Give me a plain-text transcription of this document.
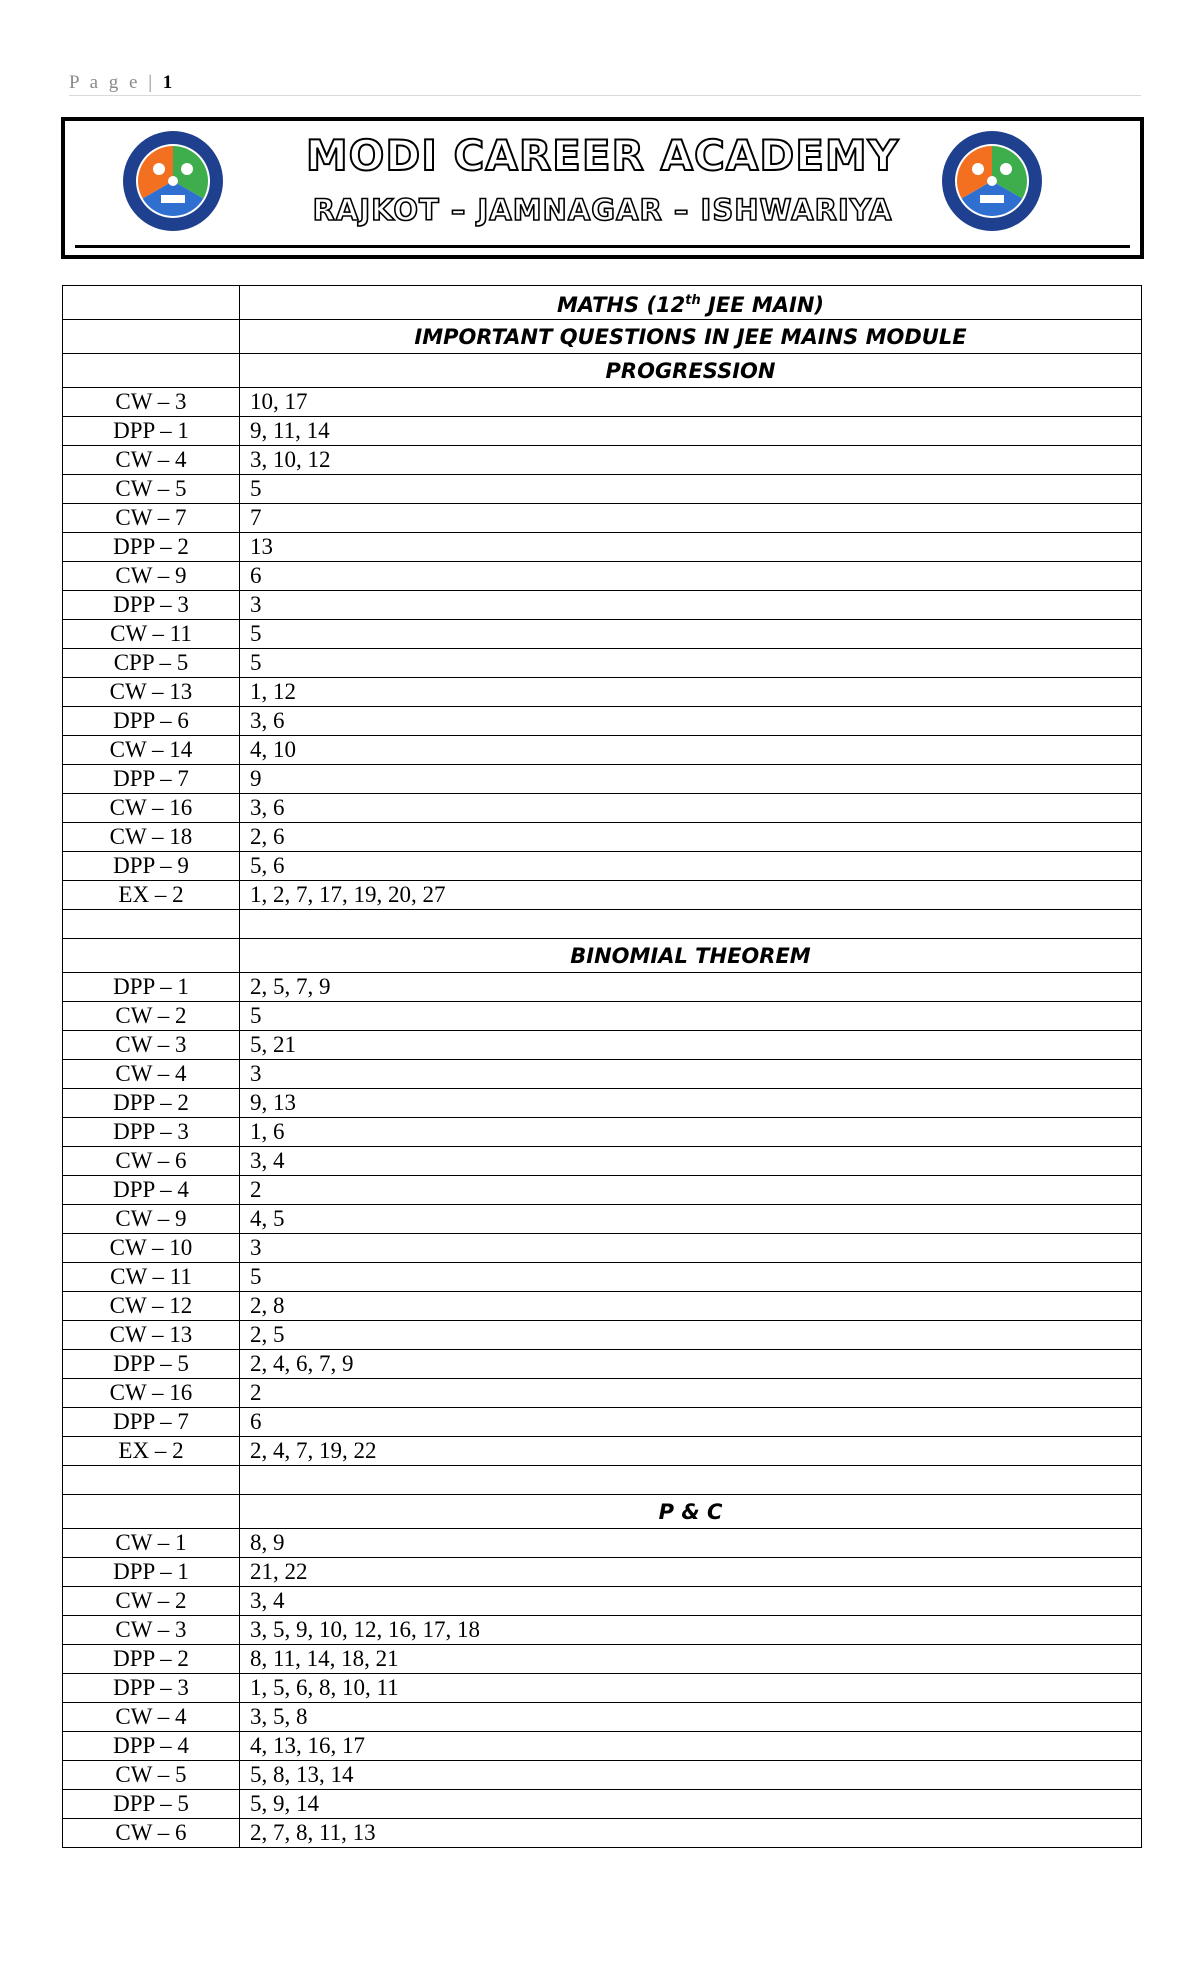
P a g e | 1
MODI CAREER ACADEMY
RAJKOT – JAMNAGAR – ISHWARIYA
	MATHS (12th JEE MAIN)
	IMPORTANT QUESTIONS IN JEE MAINS MODULE
	PROGRESSION
CW – 3	10, 17
DPP – 1	9, 11, 14
CW – 4	3, 10, 12
CW – 5	5
CW – 7	7
DPP – 2	13
CW – 9	6
DPP – 3	3
CW – 11	5
CPP – 5	5
CW – 13	1, 12
DPP – 6	3, 6
CW – 14	4, 10
DPP – 7	9
CW – 16	3, 6
CW – 18	2, 6
DPP – 9	5, 6
EX – 2	1, 2, 7, 17, 19, 20, 27

	BINOMIAL THEOREM
DPP – 1	2, 5, 7, 9
CW – 2	5
CW – 3	5, 21
CW – 4	3
DPP – 2	9, 13
DPP – 3	1, 6
CW – 6	3, 4
DPP – 4	2
CW – 9	4, 5
CW – 10	3
CW – 11	5
CW – 12	2, 8
CW – 13	2, 5
DPP – 5	2, 4, 6, 7, 9
CW – 16	2
DPP – 7	6
EX – 2	2, 4, 7, 19, 22

	P & C
CW – 1	8, 9
DPP – 1	21, 22
CW – 2	3, 4
CW – 3	3, 5, 9, 10, 12, 16, 17, 18
DPP – 2	8, 11, 14, 18, 21
DPP – 3	1, 5, 6, 8, 10, 11
CW – 4	3, 5, 8
DPP – 4	4, 13, 16, 17
CW – 5	5, 8, 13, 14
DPP – 5	5, 9, 14
CW – 6	2, 7, 8, 11, 13
